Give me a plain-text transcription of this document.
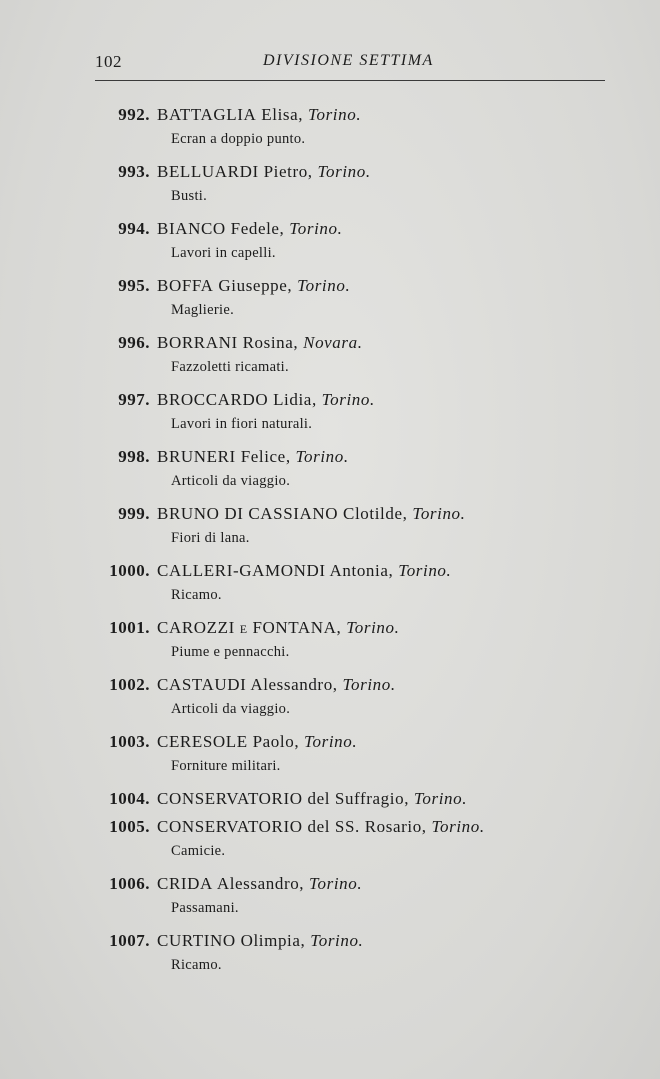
102	DIVISIONE SETTIMA
992. BATTAGLIA Elisa, Torino.
Ecran a doppio punto.
993. BELLUARDI Pietro, Torino.
Busti.
994. BIANCO Fedele, Torino.
Lavori in capelli.
995. BOFFA Giuseppe, Torino.
Maglierie.
996. BORRANI Rosina, Novara.
Fazzoletti ricamati.
997. BROCCARDO Lidia, Torino.
Lavori in fiori naturali.
998. BRUNERI Felice, Torino.
Articoli da viaggio.
999. BRUNO DI CASSIANO Clotilde, Torino.
Fiori di lana.
1000. CALLERI-GAMONDI Antonia, Torino.
Ricamo.
1001. CAROZZI e FONTANA, Torino.
Piume e pennacchi.
1002. CASTAUDI Alessandro, Torino.
Articoli da viaggio.
1003. CERESOLE Paolo, Torino.
Forniture militari.
1004. CONSERVATORIO del Suffragio, Torino.
1005. CONSERVATORIO del SS. Rosario, Torino.
Camicie.
1006. CRIDA Alessandro, Torino.
Passamani.
1007. CURTINO Olimpia, Torino.
Ricamo.
